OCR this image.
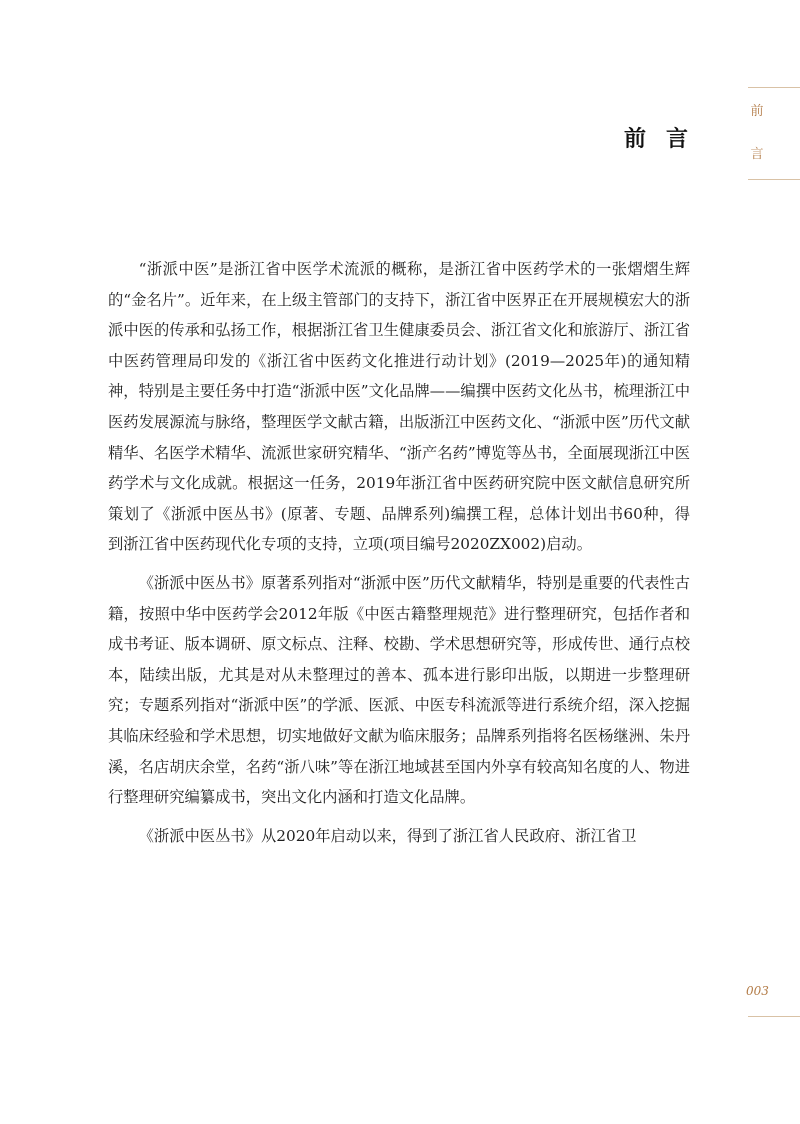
前
言
前言

“浙派中医”是浙江省中医学术流派的概称，是浙江省中医药学术的一张熠熠生辉的“金名片”。近年来，在上级主管部门的支持下，浙江省中医界正在开展规模宏大的浙派中医的传承和弘扬工作，根据浙江省卫生健康委员会、浙江省文化和旅游厅、浙江省中医药管理局印发的《浙江省中医药文化推进行动计划》(2019—2025年)的通知精神，特别是主要任务中打造“浙派中医”文化品牌——编撰中医药文化丛书，梳理浙江中医药发展源流与脉络，整理医学文献古籍，出版浙江中医药文化、“浙派中医”历代文献精华、名医学术精华、流派世家研究精华、“浙产名药”博览等丛书，全面展现浙江中医药学术与文化成就。根据这一任务，2019年浙江省中医药研究院中医文献信息研究所策划了《浙派中医丛书》(原著、专题、品牌系列)编撰工程，总体计划出书60种，得到浙江省中医药现代化专项的支持，立项(项目编号2020ZX002)启动。

《浙派中医丛书》原著系列指对“浙派中医”历代文献精华，特别是重要的代表性古籍，按照中华中医药学会2012年版《中医古籍整理规范》进行整理研究，包括作者和成书考证、版本调研、原文标点、注释、校勘、学术思想研究等，形成传世、通行点校本，陆续出版，尤其是对从未整理过的善本、孤本进行影印出版，以期进一步整理研究；专题系列指对“浙派中医”的学派、医派、中医专科流派等进行系统介绍，深入挖掘其临床经验和学术思想，切实地做好文献为临床服务；品牌系列指将名医杨继洲、朱丹溪，名店胡庆余堂，名药“浙八味”等在浙江地域甚至国内外享有较高知名度的人、物进行整理研究编纂成书，突出文化内涵和打造文化品牌。

《浙派中医丛书》从2020年启动以来，得到了浙江省人民政府、浙江省卫

003
